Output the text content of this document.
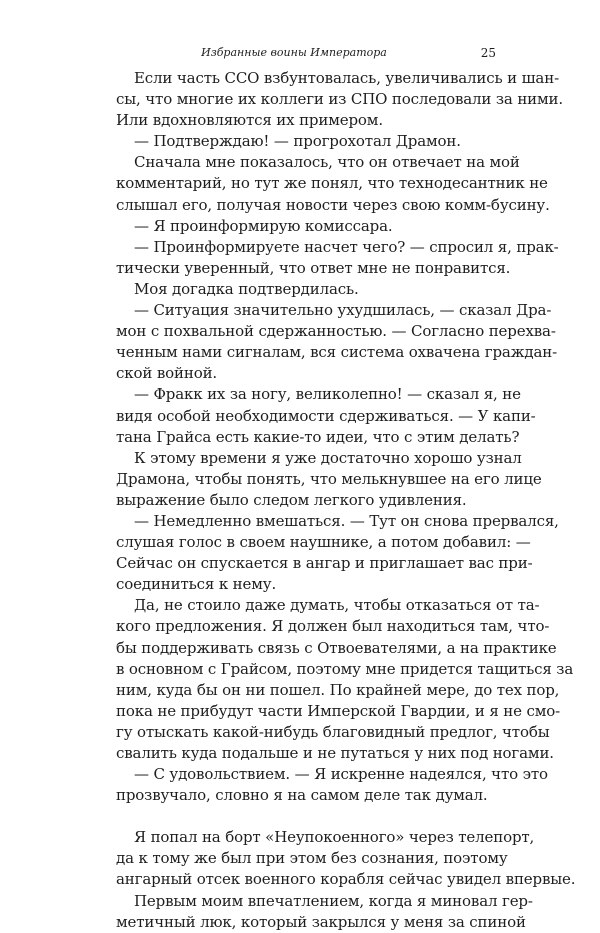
Избранные воины Императора	25
Если часть ССО взбунтовалась, увеличивались и шан-
сы, что многие их коллеги из СПО последовали за ними.
Или вдохновляются их примером.
— Подтверждаю! — прогрохотал Драмон.
Сначала мне показалось, что он отвечает на мой
комментарий, но тут же понял, что технодесантник не
слышал его, получая новости через свою комм-бусину.
— Я проинформирую комиссара.
— Проинформируете насчет чего? — спросил я, прак-
тически уверенный, что ответ мне не понравится.
Моя догадка подтвердилась.
— Ситуация значительно ухудшилась, — сказал Дра-
мон с похвальной сдержанностью. — Согласно перехва-
ченным нами сигналам, вся система охвачена граждан-
ской войной.
— Фракк их за ногу, великолепно! — сказал я, не
видя особой необходимости сдерживаться. — У капи-
тана Грайса есть какие-то идеи, что с этим делать?
К этому времени я уже достаточно хорошо узнал
Драмона, чтобы понять, что мелькнувшее на его лице
выражение было следом легкого удивления.
— Немедленно вмешаться. — Тут он снова прервался,
слушая голос в своем наушнике, а потом добавил: —
Сейчас он спускается в ангар и приглашает вас при-
соединиться к нему.
Да, не стоило даже думать, чтобы отказаться от та-
кого предложения. Я должен был находиться там, что-
бы поддерживать связь с Отвоевателями, а на практике
в основном с Грайсом, поэтому мне придется тащиться за
ним, куда бы он ни пошел. По крайней мере, до тех пор,
пока не прибудут части Имперской Гвардии, и я не смо-
гу отыскать какой-нибудь благовидный предлог, чтобы
свалить куда подальше и не путаться у них под ногами.
— С удовольствием. — Я искренне надеялся, что это
прозвучало, словно я на самом деле так думал.
Я попал на борт «Неупокоенного» через телепорт,
да к тому же был при этом без сознания, поэтому
ангарный отсек военного корабля сейчас увидел впервые.
Первым моим впечатлением, когда я миновал гер-
метичный люк, который закрылся у меня за спиной
